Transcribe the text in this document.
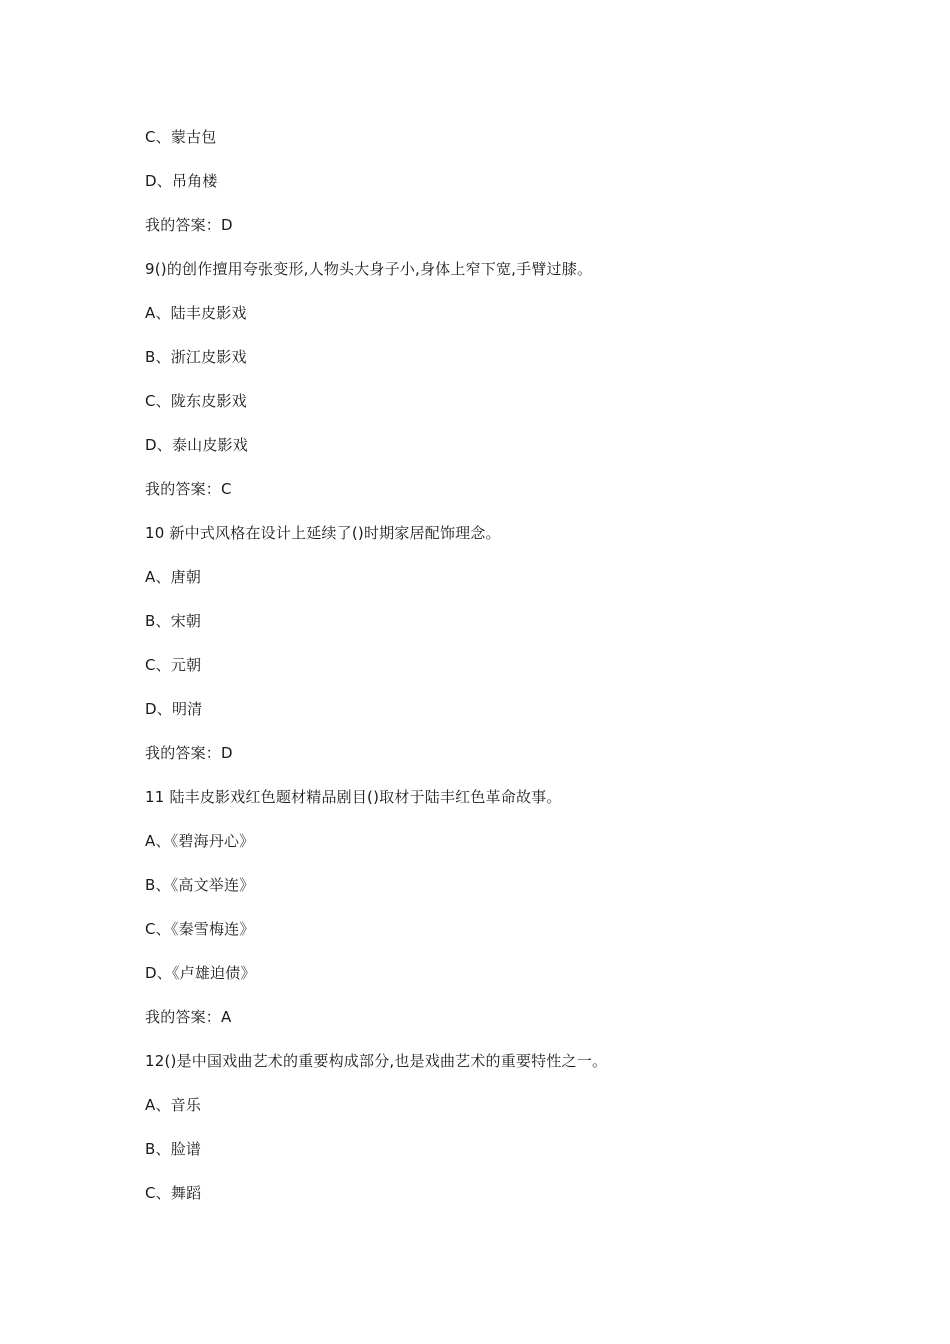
C、蒙古包
D、吊角楼
我的答案：D
9()的创作擅用夸张变形,人物头大身子小,身体上窄下宽,手臂过膝。
A、陆丰皮影戏
B、浙江皮影戏
C、陇东皮影戏
D、泰山皮影戏
我的答案：C
10 新中式风格在设计上延续了()时期家居配饰理念。
A、唐朝
B、宋朝
C、元朝
D、明清
我的答案：D
11 陆丰皮影戏红色题材精品剧目()取材于陆丰红色革命故事。
A、《碧海丹心》
B、《高文举连》
C、《秦雪梅连》
D、《卢雄迫债》
我的答案：A
12()是中国戏曲艺术的重要构成部分,也是戏曲艺术的重要特性之一。
A、音乐
B、脸谱
C、舞蹈
